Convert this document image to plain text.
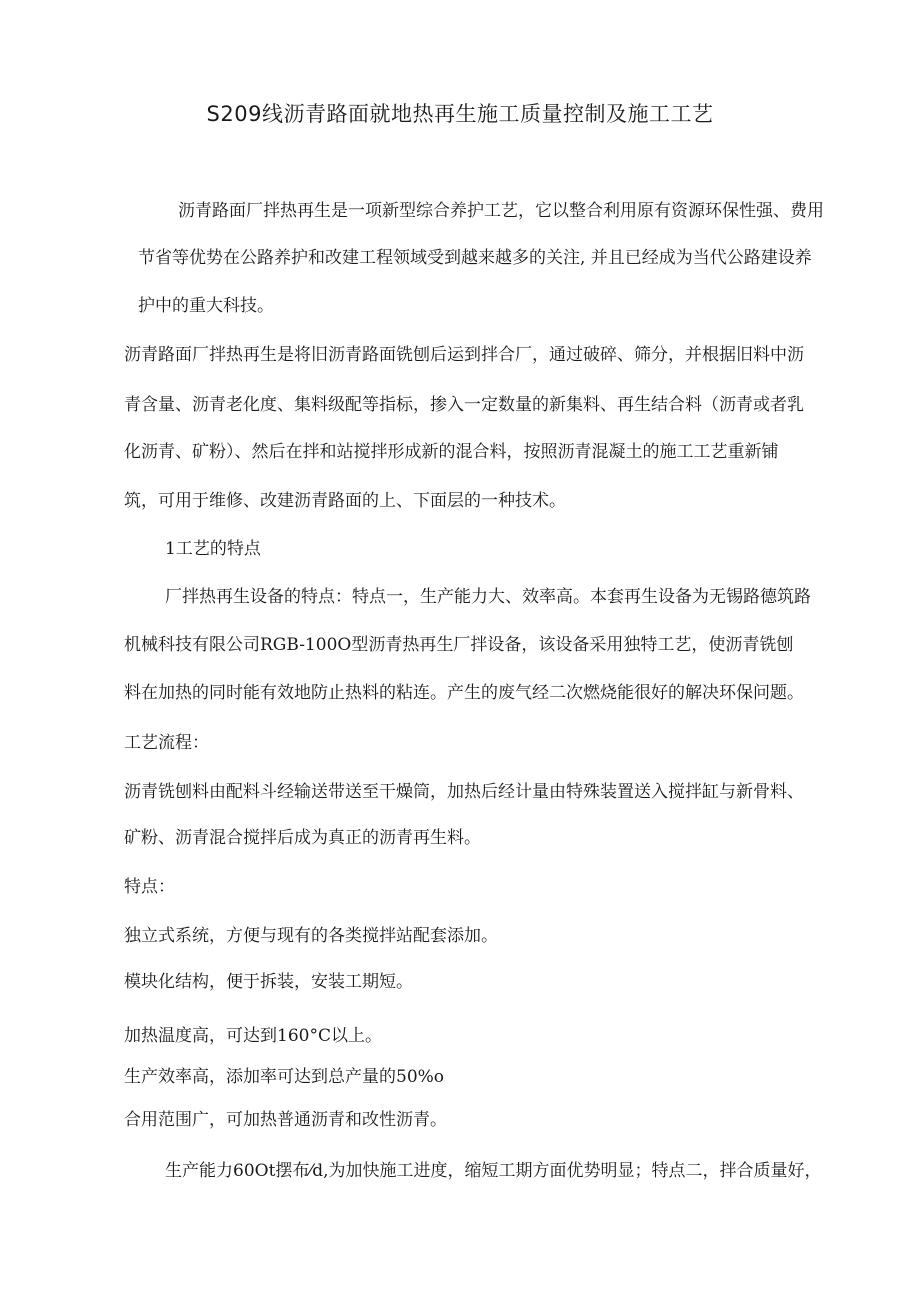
S209线沥青路面就地热再生施工质量控制及施工工艺
沥青路面厂拌热再生是一项新型综合养护工艺，它以整合利用原有资源环保性强、费用
节省等优势在公路养护和改建工程领域受到越来越多的关注, 并且已经成为当代公路建设养
护中的重大科技。
沥青路面厂拌热再生是将旧沥青路面铣刨后运到拌合厂，通过破碎、筛分，并根据旧料中沥
青含量、沥青老化度、集料级配等指标，掺入一定数量的新集料、再生结合料（沥青或者乳
化沥青、矿粉）、然后在拌和站搅拌形成新的混合料，按照沥青混凝土的施工工艺重新铺
筑，可用于维修、改建沥青路面的上、下面层的一种技术。
1工艺的特点
厂拌热再生设备的特点：特点一，生产能力大、效率高。本套再生设备为无锡路德筑路
机械科技有限公司RGB-100O型沥青热再生厂拌设备，该设备采用独特工艺，使沥青铣刨
料在加热的同时能有效地防止热料的粘连。产生的废气经二次燃烧能很好的解决环保问题。
工艺流程：
沥青铣刨料由配料斗经输送带送至干燥筒，加热后经计量由特殊装置送入搅拌缸与新骨料、
矿粉、沥青混合搅拌后成为真正的沥青再生料。
特点：
独立式系统，方便与现有的各类搅拌站配套添加。
模块化结构，便于拆装，安装工期短。
加热温度高，可达到160°C以上。
生产效率高，添加率可达到总产量的50%o
合用范围广，可加热普通沥青和改性沥青。
生产能力60Ot摆布⁄d,为加快施工进度，缩短工期方面优势明显；特点二，拌合质量好，
